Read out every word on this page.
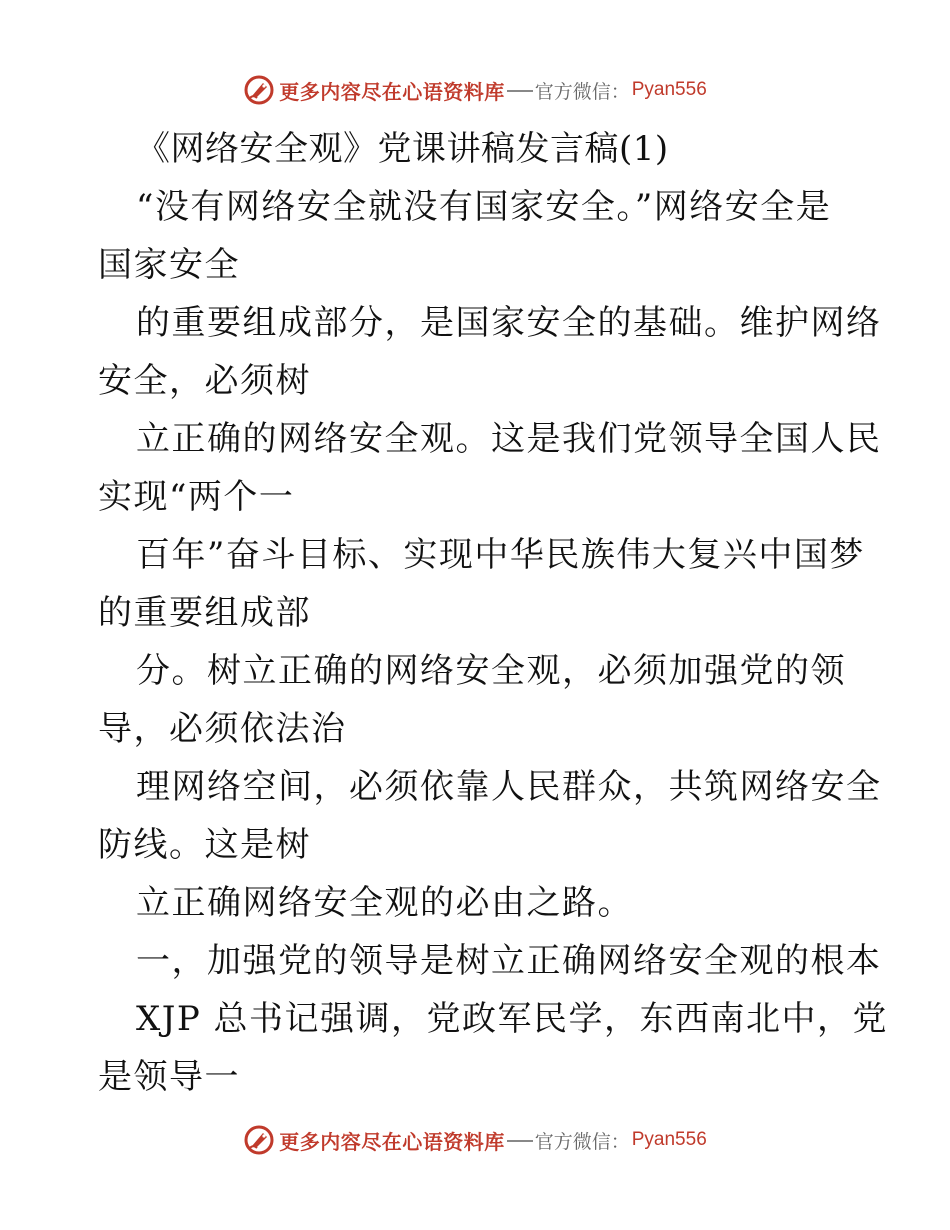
更多内容尽在心语资料库 官方微信： Pyan556
《网络安全观》党课讲稿发言稿(1)
“没有网络安全就没有国家安全。”网络安全是
国家安全
的重要组成部分，是国家安全的基础。维护网络
安全，必须树
立正确的网络安全观。这是我们党领导全国人民
实现“两个一
百年”奋斗目标、实现中华民族伟大复兴中国梦
的重要组成部
分。树立正确的网络安全观，必须加强党的领
导，必须依法治
理网络空间，必须依靠人民群众，共筑网络安全
防线。这是树
立正确网络安全观的必由之路。
一，加强党的领导是树立正确网络安全观的根本
XJP 总书记强调，党政军民学，东西南北中，党
是领导一
更多内容尽在心语资料库 官方微信： Pyan556
